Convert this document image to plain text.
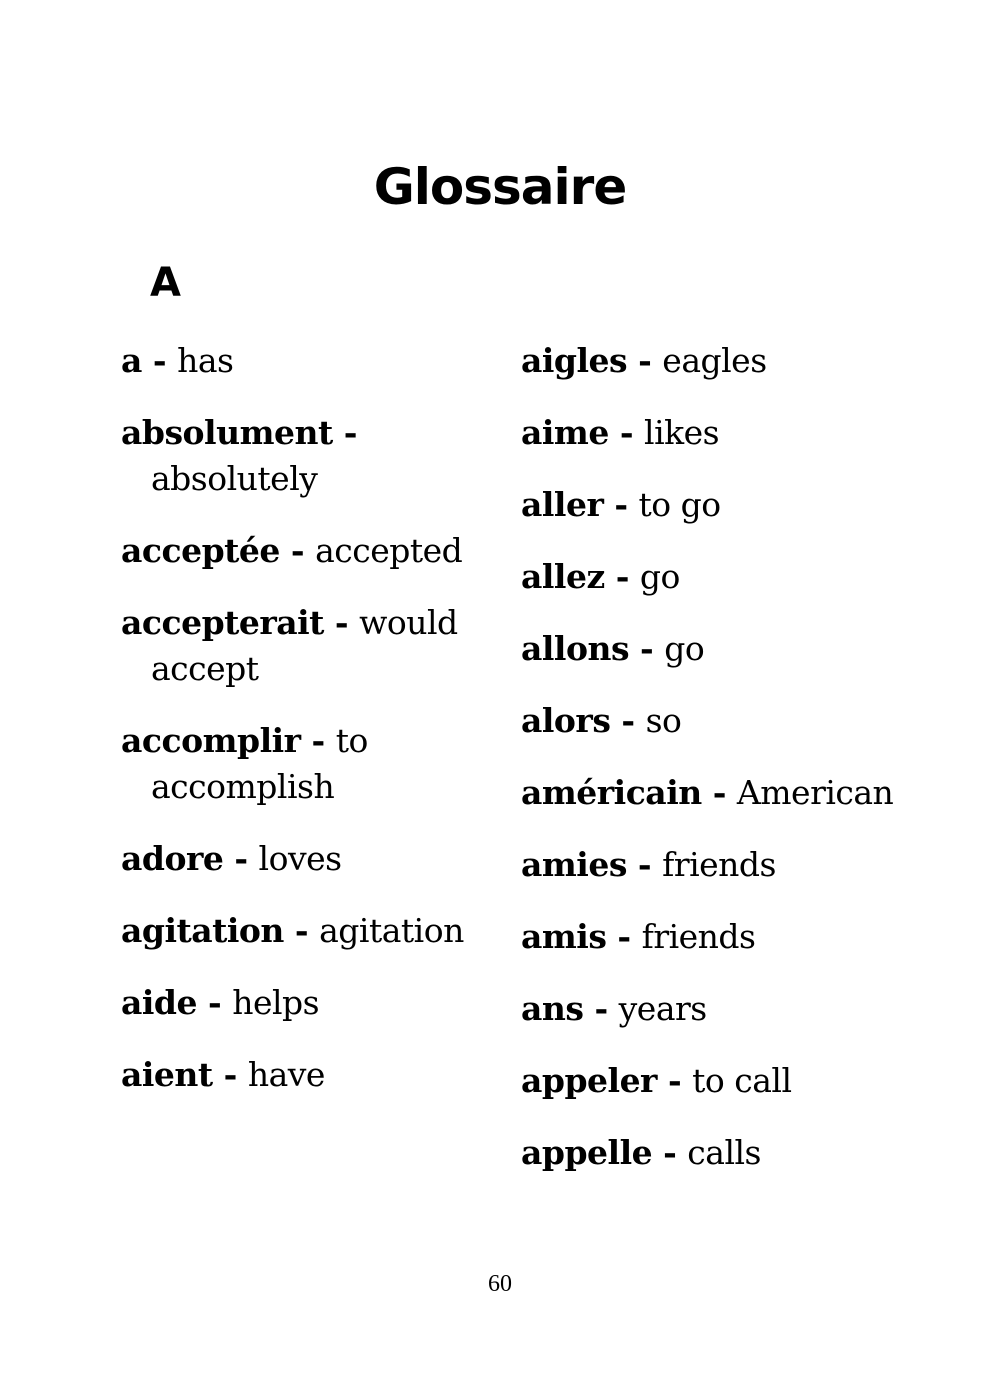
Glossaire
A

a - has

absolument - absolutely

acceptée - accepted

accepterait - would accept

accomplir - to accomplish

adore - loves

agitation - agitation

aide - helps

aient - have

aigles - eagles

aime - likes

aller - to go

allez - go

allons - go

alors - so

américain - American

amies - friends

amis - friends

ans - years

appeler - to call

appelle - calls

60
